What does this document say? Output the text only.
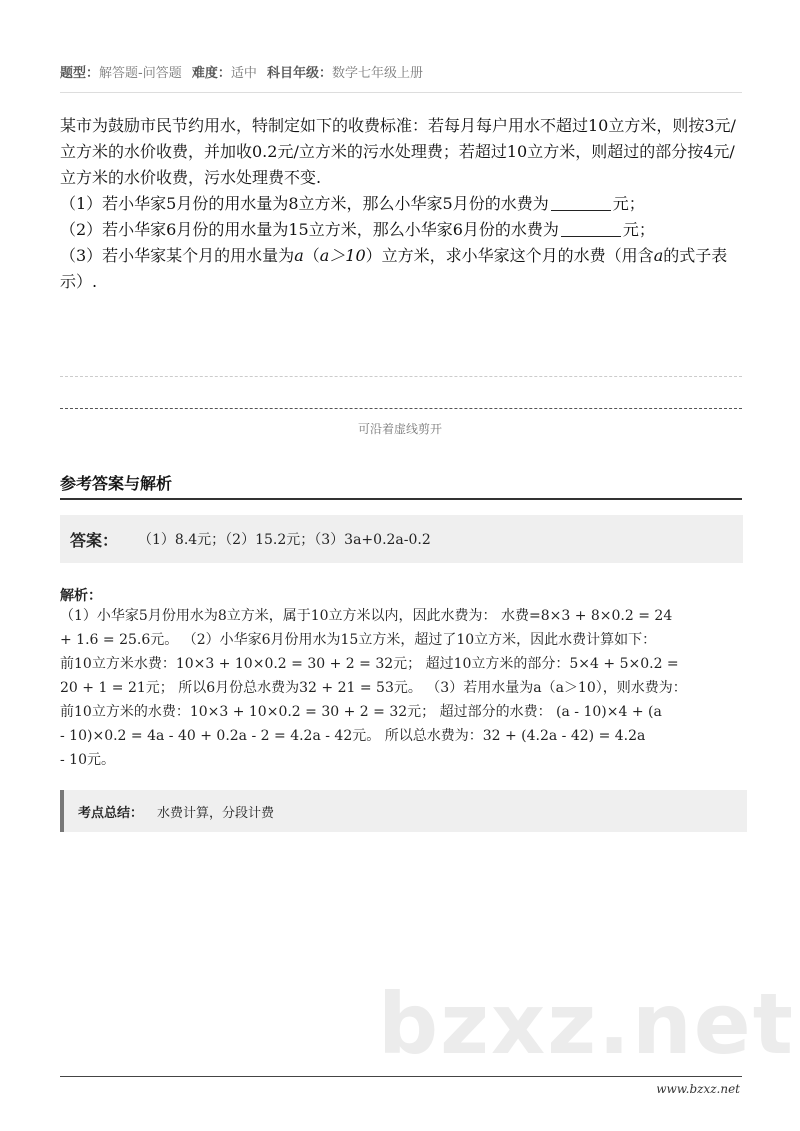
题型：解答题-问答题 难度：适中 科目年级：数学七年级上册

某市为鼓励市民节约用水，特制定如下的收费标准：若每月每户用水不超过10立方米，则按3元/立方米的水价收费，并加收0.2元/立方米的污水处理费；若超过10立方米，则超过的部分按4元/立方米的水价收费，污水处理费不变.

（1）若小华家5月份的用水量为8立方米，那么小华家5月份的水费为	元；

（2）若小华家6月份的用水量为15立方米，那么小华家6月份的水费为	元；

（3）若小华家某个月的用水量为a（a＞10）立方米，求小华家这个月的水费（用含a的式子表示）.

可沿着虚线剪开
参考答案与解析
答案： （1）8.4元；（2）15.2元；（3）3a+0.2a-0.2
解析：
（1）小华家5月份用水为8立方米，属于10立方米以内，因此水费为： 水费=8×3 + 8×0.2 = 24
+ 1.6 = 25.6元。 （2）小华家6月份用水为15立方米，超过了10立方米，因此水费计算如下：
前10立方米水费：10×3 + 10×0.2 = 30 + 2 = 32元； 超过10立方米的部分：5×4 + 5×0.2 =
20 + 1 = 21元； 所以6月份总水费为32 + 21 = 53元。 （3）若用水量为a（a＞10），则水费为：
前10立方米的水费：10×3 + 10×0.2 = 30 + 2 = 32元； 超过部分的水费： (a - 10)×4 + (a
- 10)×0.2 = 4a - 40 + 0.2a - 2 = 4.2a - 42元。 所以总水费为：32 + (4.2a - 42) = 4.2a
- 10元。
考点总结： 水费计算，分段计费
bzxz.net
www.bzxz.net
